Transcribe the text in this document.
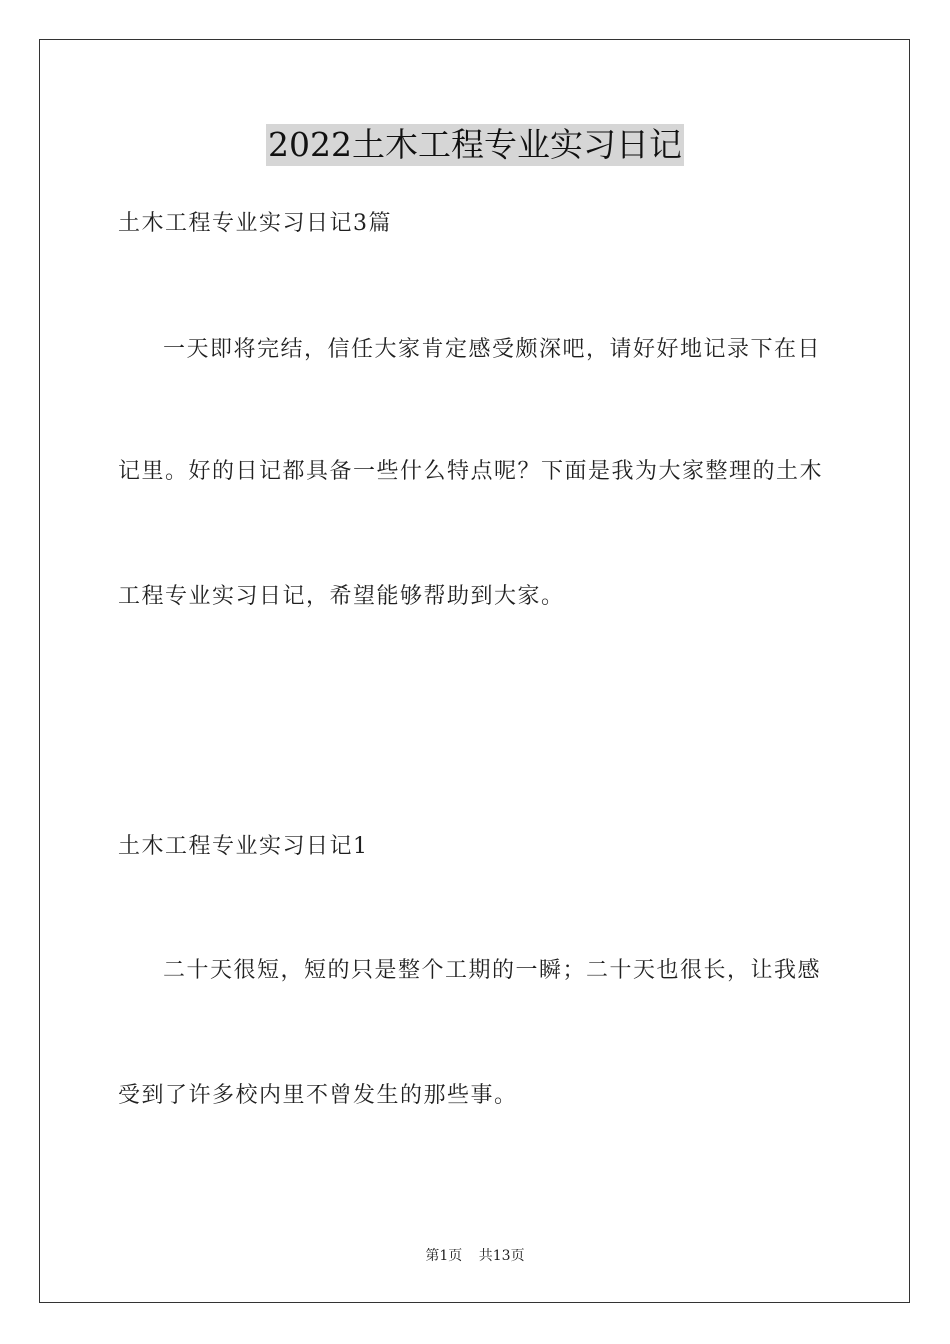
2022土木工程专业实习日记
土木工程专业实习日记3篇
一天即将完结，信任大家肯定感受颇深吧，请好好地记录下在日
记里。好的日记都具备一些什么特点呢？下面是我为大家整理的土木
工程专业实习日记，希望能够帮助到大家。
土木工程专业实习日记1
二十天很短，短的只是整个工期的一瞬；二十天也很长，让我感
受到了许多校内里不曾发生的那些事。
第1页 共13页
